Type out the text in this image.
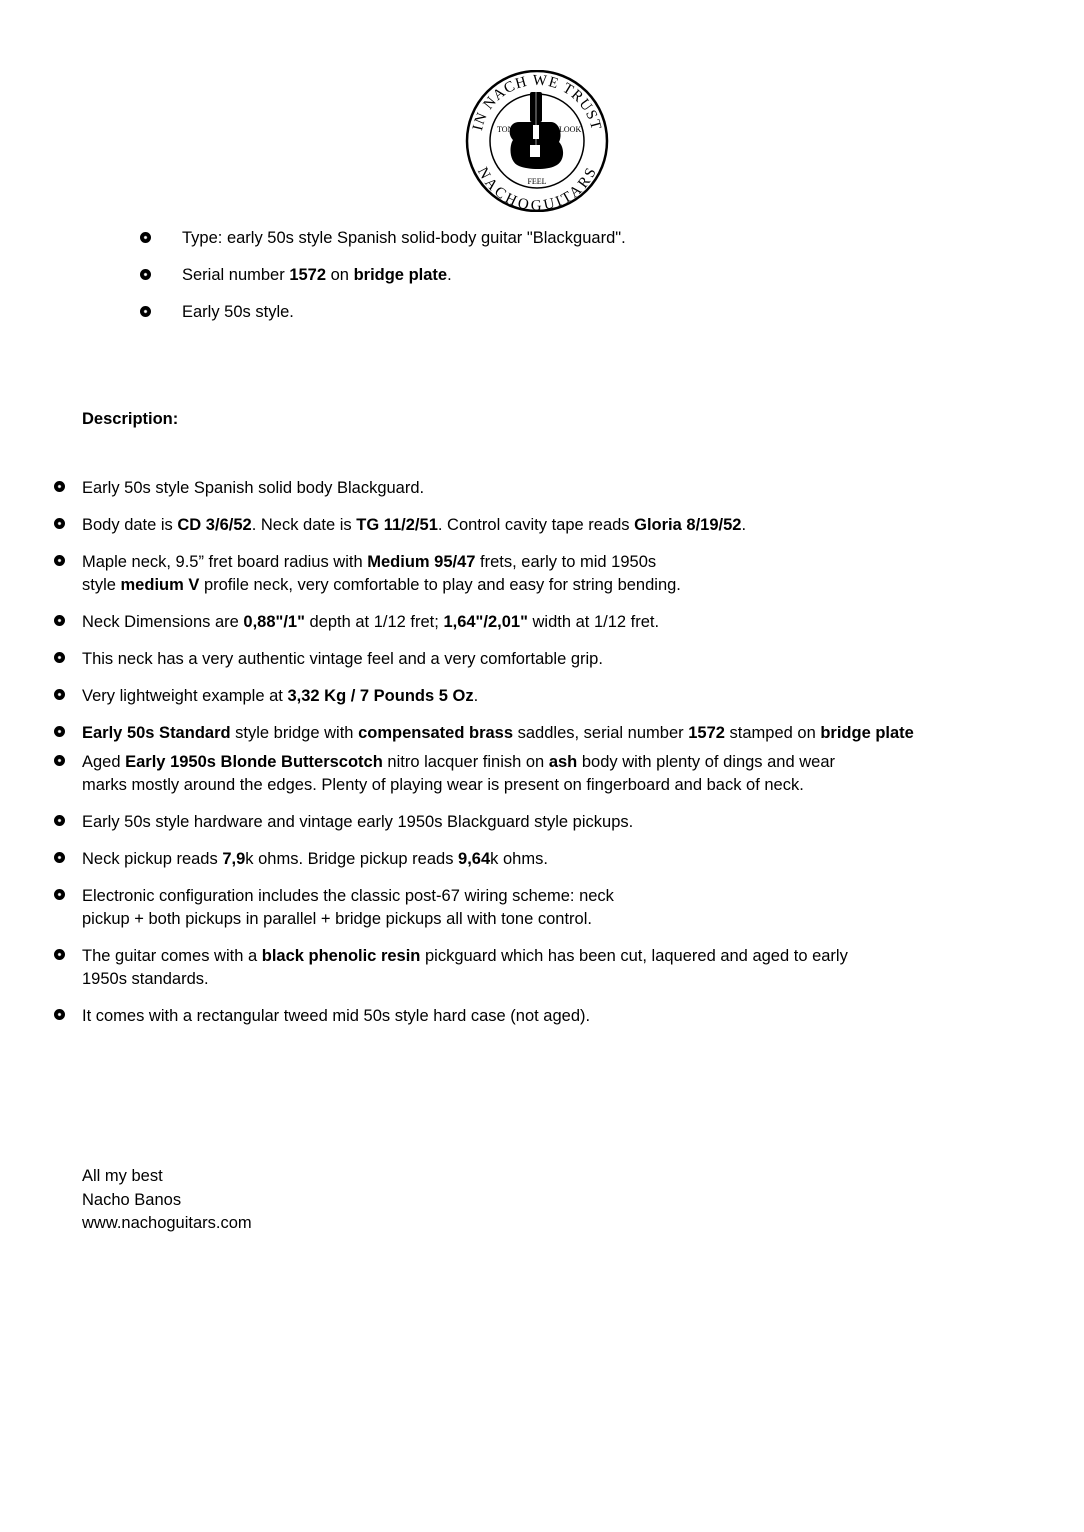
IN NACH WE TRUST
NACHOGUITARS
TONE	LOOK
FEEL
Type: early 50s style Spanish solid-body guitar "Blackguard".
Serial number 1572 on bridge plate.
Early 50s style.
Description:
Early 50s style Spanish solid body Blackguard.
Body date is CD 3/6/52. Neck date is TG 11/2/51. Control cavity tape reads Gloria 8/19/52.
Maple neck, 9.5” fret board radius with Medium 95/47 frets, early to mid 1950s
style medium V profile neck, very comfortable to play and easy for string bending.
Neck Dimensions are 0,88"/1" depth at 1/12 fret; 1,64"/2,01" width at 1/12 fret.
This neck has a very authentic vintage feel and a very comfortable grip.
Very lightweight example at 3,32 Kg / 7 Pounds 5 Oz.
Early 50s Standard style bridge with compensated brass saddles, serial number 1572 stamped on bridge plate
Aged Early 1950s Blonde Butterscotch nitro lacquer finish on ash body with plenty of dings and wear
marks mostly around the edges. Plenty of playing wear is present on fingerboard and back of neck.
Early 50s style hardware and vintage early 1950s Blackguard style pickups.
Neck pickup reads 7,9k ohms. Bridge pickup reads 9,64k ohms.
Electronic configuration includes the classic post-67 wiring scheme: neck
pickup + both pickups in parallel + bridge pickups all with tone control.
The guitar comes with a black phenolic resin pickguard which has been cut, laquered and aged to early
1950s standards.
It comes with a rectangular tweed mid 50s style hard case (not aged).
All my best
Nacho Banos
www.nachoguitars.com
